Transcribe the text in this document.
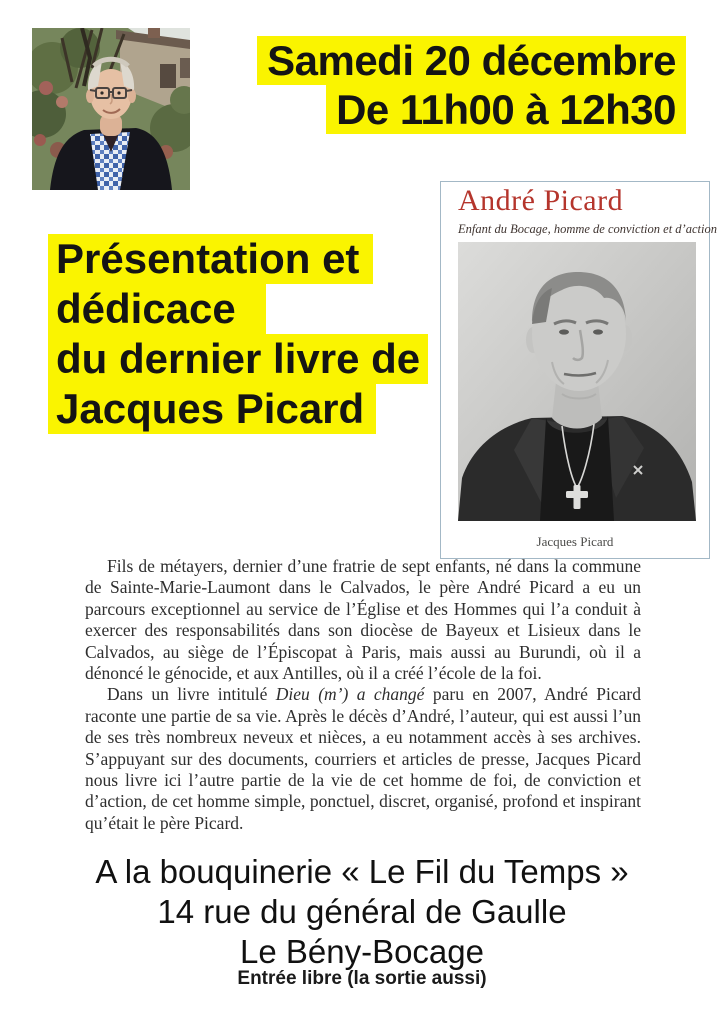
Samedi 20 décembre
De 11h00 à 12h30
Présentation et
dédicace
du dernier livre de
Jacques Picard
André Picard
Enfant du Bocage, homme de conviction et d’action
Jacques Picard

Fils de métayers, dernier d’une fratrie de sept enfants, né dans la commune de Sainte-Marie-Laumont dans le Calvados, le père André Picard a eu un parcours exceptionnel au service de l’Église et des Hommes qui l’a conduit à exercer des responsabilités dans son diocèse de Bayeux et Lisieux dans le Calvados, au siège de l’Épiscopat à Paris, mais aussi au Burundi, où il a dénoncé le génocide, et aux Antilles, où il a créé l’école de la foi.

Dans un livre intitulé Dieu (m’) a changé paru en 2007, André Picard raconte une partie de sa vie. Après le décès d’André, l’auteur, qui est aussi l’un de ses très nombreux neveux et nièces, a eu notamment accès à ses archives. S’appuyant sur des documents, courriers et articles de presse, Jacques Picard nous livre ici l’autre partie de la vie de cet homme de foi, de conviction et d’action, de cet homme simple, ponctuel, discret, organisé, profond et inspirant qu’était le père Picard.

A la bouquinerie « Le Fil du Temps »
14 rue du général de Gaulle
Le Bény-Bocage
Entrée libre (la sortie aussi)
